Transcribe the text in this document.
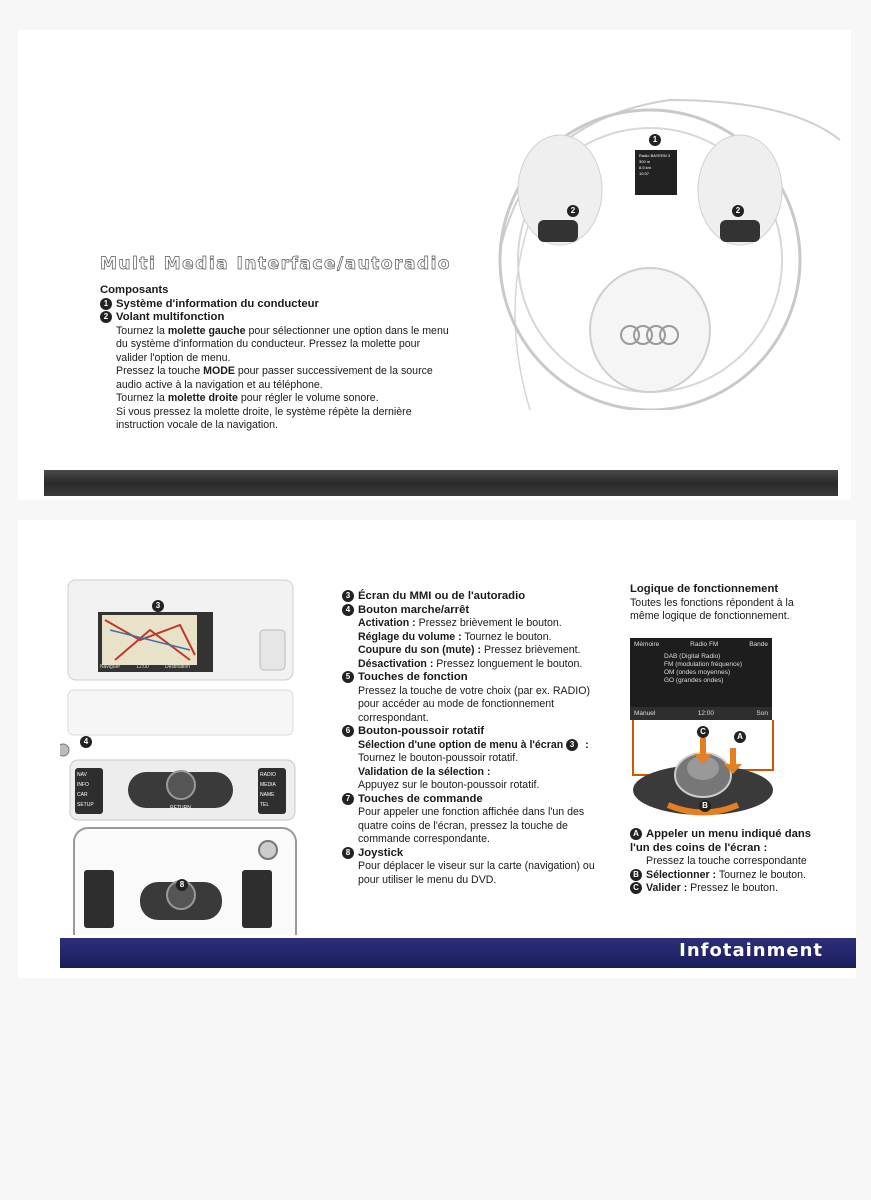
Radio BAYERN 3
300 m
8.5 km
10:37
1
2	2
Multi Media Interface/autoradio
Composants
1 Système d'information du conducteur
2 Volant multifonction
Tournez la molette gauche pour sélectionner une option dans le menu du système d'information du conducteur. Pressez la molette pour valider l'option de menu.
Pressez la touche MODE pour passer successivement de la source audio active à la navigation et au téléphone.
Tournez la molette droite pour régler le volume sonore.
Si vous pressez la molette droite, le système répète la dernière instruction vocale de la navigation.
Naviguer	12:00	Destination
NAV
INFO
CAR
SETUP
RADIO
MEDIA
NAME
TEL
RETURN
3
4
8
3 Écran du MMI ou de l'autoradio
4 Bouton marche/arrêt
Activation : Pressez brièvement le bouton.
Réglage du volume : Tournez le bouton.
Coupure du son (mute) : Pressez brièvement.
Désactivation : Pressez longuement le bouton.
5 Touches de fonction
Pressez la touche de votre choix (par ex. RADIO) pour accéder au mode de fonctionnement correspondant.
6 Bouton-poussoir rotatif
Sélection d'une option de menu à l'écran 3 :
Tournez le bouton-poussoir rotatif.
Validation de la sélection :
Appuyez sur le bouton-poussoir rotatif.
7 Touches de commande
Pour appeler une fonction affichée dans l'un des quatre coins de l'écran, pressez la touche de commande correspondante.
8 Joystick
Pour déplacer le viseur sur la carte (navigation) ou pour utiliser le menu du DVD.
Logique de fonctionnement
Toutes les fonctions répondent à la même logique de fonctionnement.
Mémoire	Radio FM	Bande
DAB (Digital Radio)
FM (modulation fréquence)
OM (ondes moyennes)
GO (grandes ondes)
Manuel	12:00	Son
A
C
B
A Appeler un menu indiqué dans l'un des coins de l'écran :
Pressez la touche correspondante
B Sélectionner : Tournez le bouton.
C Valider : Pressez le bouton.
Infotainment
